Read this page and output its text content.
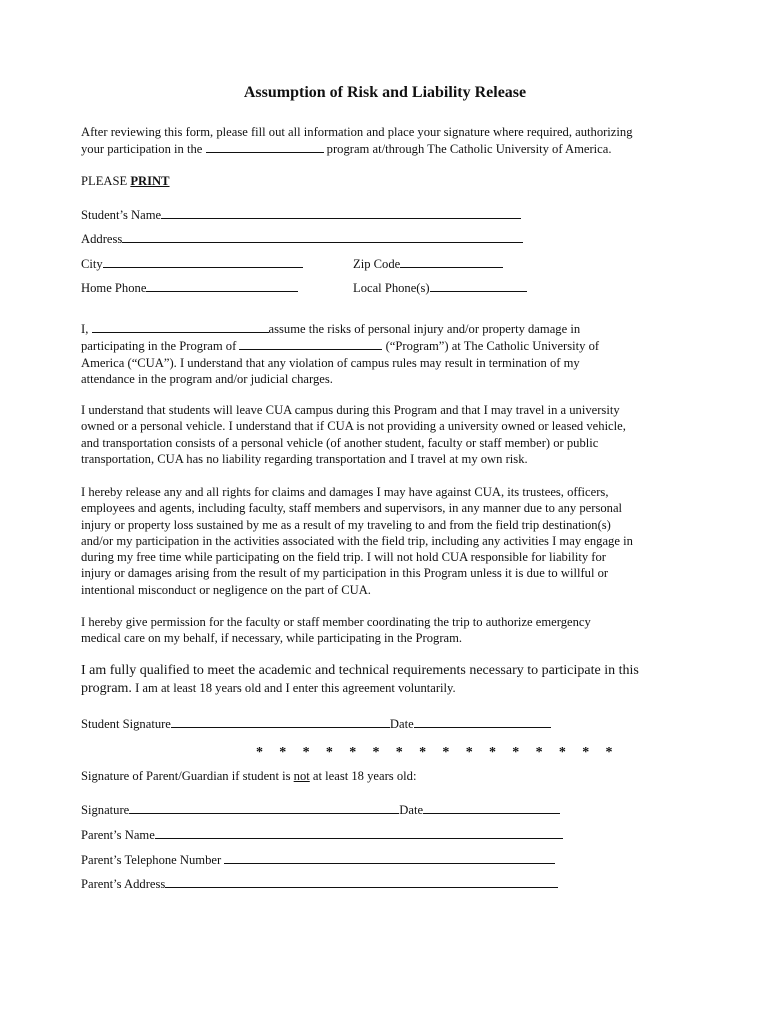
Assumption of Risk and Liability Release
After reviewing this form, please fill out all information and place your signature where required, authorizing
your participation in the	program at/through The Catholic University of America.
PLEASE PRINT
Student’s Name
Address
City	Zip Code
Home Phone	Local Phone(s)
I,	assume the risks of personal injury and/or property damage in
participating in the Program of	(“Program”) at The Catholic University of
America (“CUA”). I understand that any violation of campus rules may result in termination of my
attendance in the program and/or judicial charges.
I understand that students will leave CUA campus during this Program and that I may travel in a university
owned or a personal vehicle. I understand that if CUA is not providing a university owned or leased vehicle,
and transportation consists of a personal vehicle (of another student, faculty or staff member) or public
transportation, CUA has no liability regarding transportation and I travel at my own risk.
I hereby release any and all rights for claims and damages I may have against CUA, its trustees, officers,
employees and agents, including faculty, staff members and supervisors, in any manner due to any personal
injury or property loss sustained by me as a result of my traveling to and from the field trip destination(s)
and/or my participation in the activities associated with the field trip, including any activities I may engage in
during my free time while participating on the field trip. I will not hold CUA responsible for liability for
injury or damages arising from the result of my participation in this Program unless it is due to willful or
intentional misconduct or negligence on the part of CUA.
I hereby give permission for the faculty or staff member coordinating the trip to authorize emergency
medical care on my behalf, if necessary, while participating in the Program.
I am fully qualified to meet the academic and technical requirements necessary to participate in this
program. I am at least 18 years old and I enter this agreement voluntarily.
Student Signature	Date
* * * * * * * * * * * * * * * *
Signature of Parent/Guardian if student is not at least 18 years old:
Signature	Date
Parent’s Name
Parent’s Telephone Number
Parent’s Address
